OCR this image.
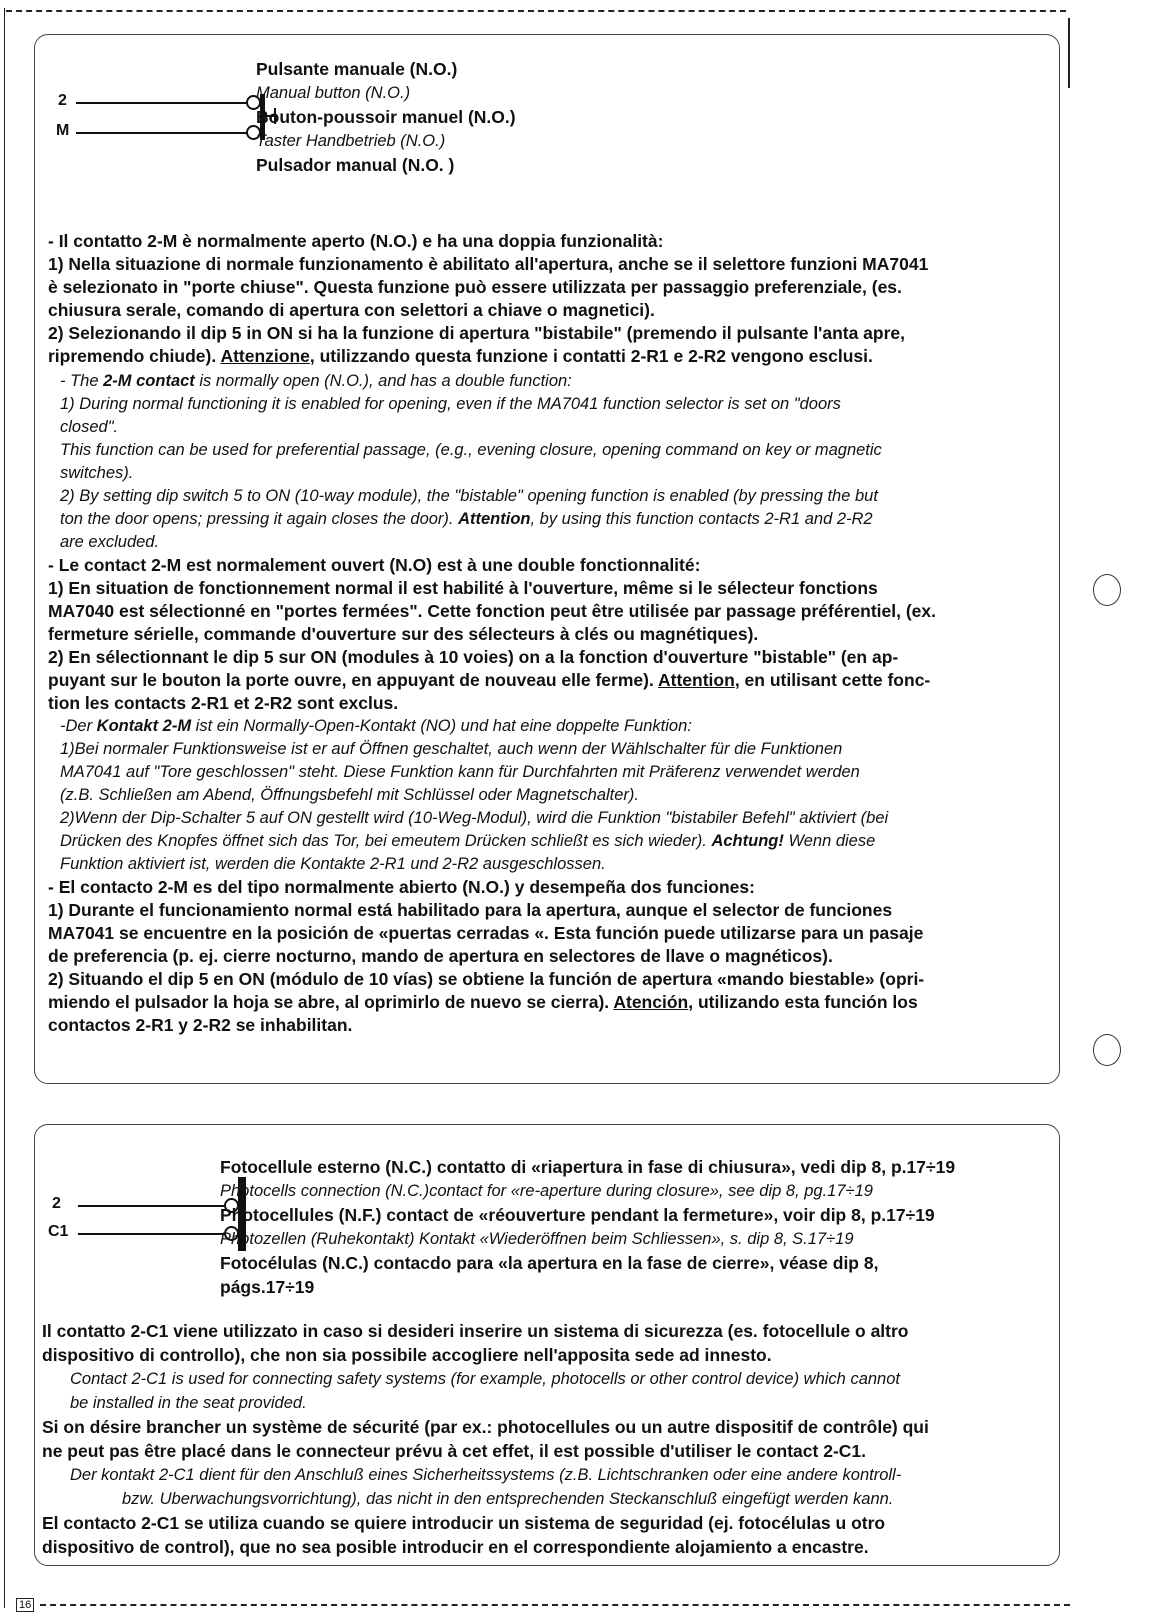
2
M
Pulsante manuale (N.O.)
Manual button (N.O.)
Bouton-poussoir manuel (N.O.)
Taster Handbetrieb (N.O.)
Pulsador manual (N.O. )
- Il contatto 2-M è normalmente aperto (N.O.) e ha una doppia funzionalità:
1) Nella situazione di normale funzionamento è abilitato all'apertura, anche se il selettore funzioni MA7041
è selezionato in "porte chiuse". Questa funzione può essere utilizzata per passaggio preferenziale, (es.
chiusura serale, comando di apertura con selettori a chiave o magnetici).
2) Selezionando il dip 5 in ON si ha la funzione di apertura "bistabile" (premendo il pulsante l'anta apre,
ripremendo chiude). Attenzione, utilizzando questa funzione i contatti 2-R1 e 2-R2 vengono esclusi.
- The 2-M contact is normally open (N.O.), and has a double function:
1) During normal functioning it is enabled for opening, even if the MA7041 function selector is set on "doors
closed".
This function can be used for preferential passage, (e.g., evening closure, opening command on key or magnetic
switches).
2) By setting dip switch 5 to ON (10-way module), the "bistable" opening function is enabled (by pressing the but
ton the door opens; pressing it again closes the door). Attention, by using this function contacts 2-R1 and 2-R2
are excluded.
- Le contact 2-M est normalement ouvert (N.O) est à une double fonctionnalité:
1) En situation de fonctionnement normal il est habilité à l'ouverture, même si le sélecteur fonctions
MA7040 est sélectionné en "portes fermées". Cette fonction peut être utilisée par passage préférentiel, (ex.
fermeture sérielle, commande d'ouverture sur des sélecteurs à clés ou magnétiques).
2) En sélectionnant le dip 5 sur ON (modules à 10 voies) on a la fonction d'ouverture "bistable" (en ap-
puyant sur le bouton la porte ouvre, en appuyant de nouveau elle ferme). Attention, en utilisant cette fonc-
tion les contacts 2-R1 et 2-R2 sont exclus.
-Der Kontakt 2-M ist ein Normally-Open-Kontakt (NO) und hat eine doppelte Funktion:
1)Bei normaler Funktionsweise ist er auf Öffnen geschaltet, auch wenn der Wählschalter für die Funktionen
MA7041 auf "Tore geschlossen" steht. Diese Funktion kann für Durchfahrten mit Präferenz verwendet werden
(z.B. Schließen am Abend, Öffnungsbefehl mit Schlüssel oder Magnetschalter).
2)Wenn der Dip-Schalter 5 auf ON gestellt wird (10-Weg-Modul), wird die Funktion "bistabiler Befehl" aktiviert (bei
Drücken des Knopfes öffnet sich das Tor, bei emeutem Drücken schließt es sich wieder). Achtung! Wenn diese
Funktion aktiviert ist, werden die Kontakte 2-R1 und 2-R2 ausgeschlossen.
- El contacto 2-M es del tipo normalmente abierto (N.O.) y desempeña dos funciones:
1) Durante el funcionamiento normal está habilitado para la apertura, aunque el selector de funciones
MA7041 se encuentre en la posición de «puertas cerradas «. Esta función puede utilizarse para un pasaje
de preferencia (p. ej. cierre nocturno, mando de apertura en selectores de llave o magnéticos).
2) Situando el dip 5 en ON (módulo de 10 vías) se obtiene la función de apertura «mando biestable» (opri-
miendo el pulsador la hoja se abre, al oprimirlo de nuevo se cierra). Atención, utilizando esta función los
contactos 2-R1 y 2-R2 se inhabilitan.
2
C1
Fotocellule esterno (N.C.) contatto di «riapertura in fase di chiusura», vedi dip 8, p.17÷19
Photocells connection (N.C.)contact for «re-aperture during closure», see dip 8, pg.17÷19
Photocellules (N.F.) contact de «réouverture pendant la fermeture», voir dip 8, p.17÷19
Photozellen (Ruhekontakt) Kontakt «Wiederöffnen beim Schliessen», s. dip 8, S.17÷19
Fotocélulas (N.C.) contacdo para «la apertura en la fase de cierre», véase dip 8,
págs.17÷19
Il contatto 2-C1 viene utilizzato in caso si desideri inserire un sistema di sicurezza (es. fotocellule o altro
dispositivo di controllo), che non sia possibile accogliere nell'apposita sede ad innesto.
Contact 2-C1 is used for connecting safety systems (for example, photocells or other control device) which cannot
be installed in the seat provided.
Si on désire brancher un système de sécurité (par ex.: photocellules ou un autre dispositif de contrôle) qui
ne peut pas être placé dans le connecteur prévu à cet effet, il est possible d'utiliser le contact 2-C1.
Der kontakt 2-C1 dient für den Anschluß eines Sicherheitssystems (z.B. Lichtschranken oder eine andere kontroll-
bzw. Uberwachungsvorrichtung), das nicht in den entsprechenden Steckanschluß eingefügt werden kann.
El contacto 2-C1 se utiliza cuando se quiere introducir un sistema de seguridad (ej. fotocélulas u otro
dispositivo de control), que no sea posible introducir en el correspondiente alojamiento a encastre.
16
